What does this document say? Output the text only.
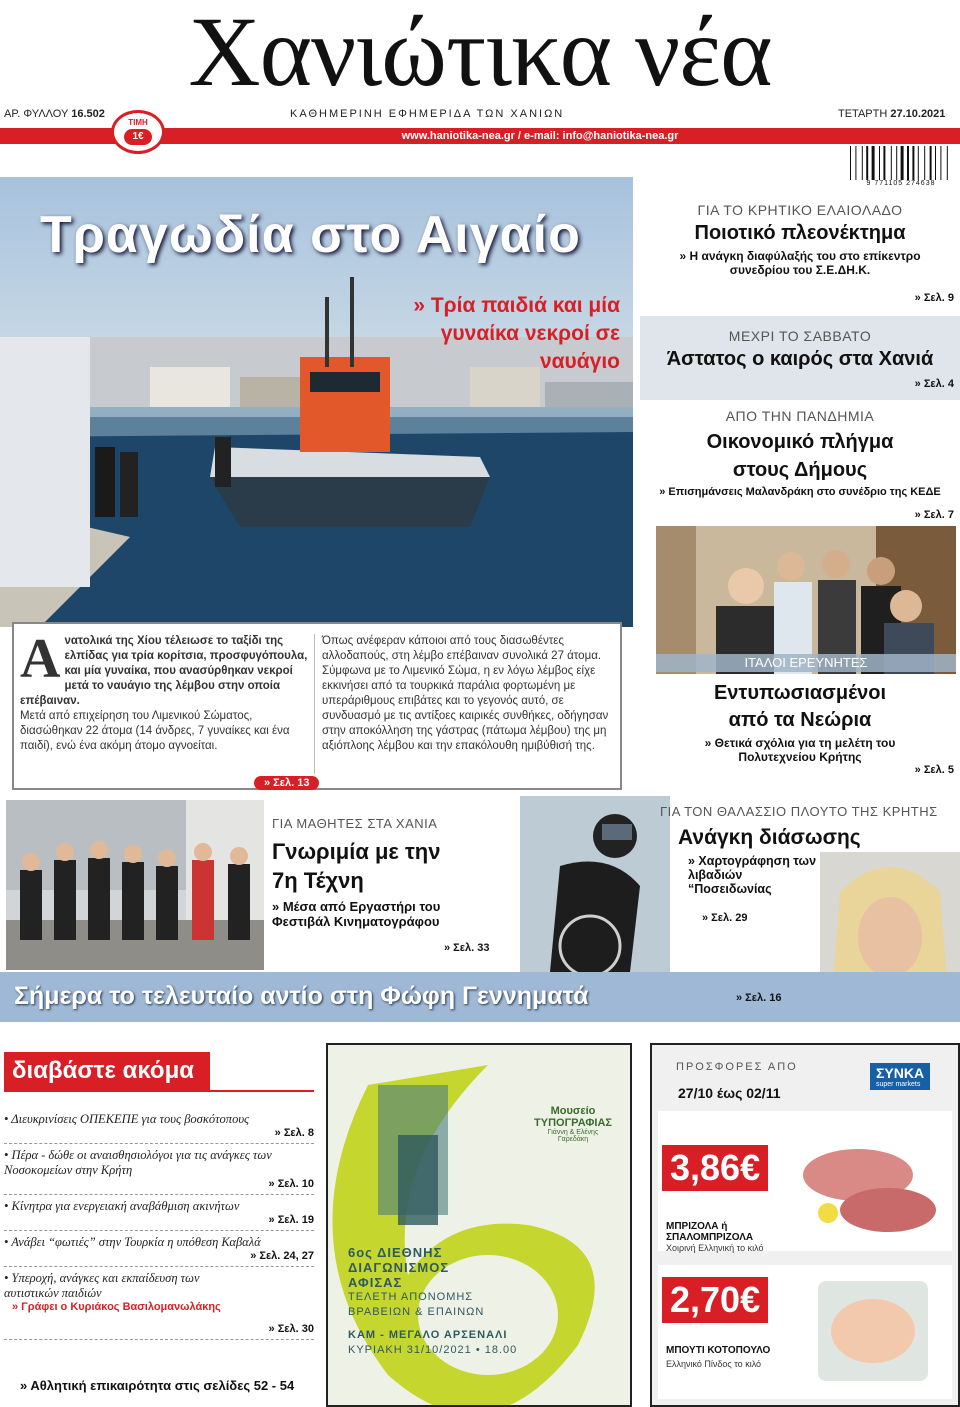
Χανιώτικα νέα
ΑΡ. ΦΥΛΛΟΥ 16.502	ΚΑΘΗΜΕΡΙΝΗ ΕΦΗΜΕΡΙΔΑ ΤΩΝ ΧΑΝΙΩΝ	ΤΕΤΑΡΤΗ 27.10.2021
www.haniotika-nea.gr / e-mail: info@haniotika-nea.gr
ΤΙΜΗ
1€
9 771105 274638
Τραγωδία στο Αιγαίο
» Τρία παιδιά και μία γυναίκα νεκροί σε ναυάγιο
Α νατολικά της Χίου τέλειωσε το ταξίδι της ελπίδας για τρία κορίτσια, προσφυγόπουλα, και μία γυναίκα, που ανασύρθηκαν νεκροί μετά το ναυάγιο της λέμβου στην οποία επέβαιναν.
Μετά από επιχείρηση του Λιμενικού Σώματος, διασώθηκαν 22 άτομα (14 άνδρες, 7 γυναίκες και ένα παιδί), ενώ ένα ακόμη άτομο αγνοείται.
Όπως ανέφεραν κάποιοι από τους διασωθέντες αλλοδαπούς, στη λέμβο επέβαιναν συνολικά 27 άτομα. Σύμφωνα με το Λιμενικό Σώμα, η εν λόγω λέμβος είχε εκκινήσει από τα τουρκικά παράλια φορτωμένη με υπεράριθμους επιβάτες και το γεγονός αυτό, σε συνδυασμό με τις αντίξοες καιρικές συνθήκες, οδήγησαν στην αποκόλληση της γάστρας (πάτωμα λέμβου) της μη αξιόπλοης λέμβου και την επακόλουθη ημιβύθισή της.
» Σελ. 13
ΓΙΑ ΤΟ ΚΡΗΤΙΚΟ ΕΛΑΙΟΛΑΔΟ
Ποιοτικό πλεονέκτημα
» Η ανάγκη διαφύλαξής του στο επίκεντρο συνεδρίου του Σ.Ε.ΔΗ.Κ.
» Σελ. 9
ΜΕΧΡΙ ΤΟ ΣΑΒΒΑΤΟ
Άστατος ο καιρός στα Χανιά
» Σελ. 4
ΑΠΟ ΤΗΝ ΠΑΝΔΗΜΙΑ
Οικονομικό πλήγμα στους Δήμους
» Επισημάνσεις Μαλανδράκη στο συνέδριο της ΚΕΔΕ
» Σελ. 7
ΙΤΑΛΟΙ ΕΡΕΥΝΗΤΕΣ
Εντυπωσιασμένοι από τα Νεώρια
» Θετικά σχόλια για τη μελέτη του Πολυτεχνείου Κρήτης
» Σελ. 5
ΓΙΑ ΜΑΘΗΤΕΣ ΣΤΑ ΧΑΝΙΑ
Γνωριμία με την 7η Τέχνη
» Μέσα από Εργαστήρι του Φεστιβάλ Κινηματογράφου
» Σελ. 33
ΓΙΑ ΤΟΝ ΘΑΛΑΣΣΙΟ ΠΛΟΥΤΟ ΤΗΣ ΚΡΗΤΗΣ
Ανάγκη διάσωσης
» Χαρτογράφηση των λιβαδιών “Ποσειδωνίας
» Σελ. 29
Σήμερα το τελευταίο αντίο στη Φώφη Γεννηματά	» Σελ. 16
διαβάστε ακόμα
• Διευκρινίσεις ΟΠΕΚΕΠΕ για τους βοσκότοπους
» Σελ. 8
• Πέρα - δώθε οι αναισθησιολόγοι για τις ανάγκες των Νοσοκομείων στην Κρήτη
» Σελ. 10
• Κίνητρα για ενεργειακή αναβάθμιση ακινήτων
» Σελ. 19
• Ανάβει “φωτιές” στην Τουρκία η υπόθεση Καβαλά
» Σελ. 24, 27
• Υπεροχή, ανάγκες και εκπαίδευση των αυτιστικών παιδιών
» Γράφει ο Κυριάκος Βασιλομανωλάκης
» Σελ. 30
» Αθλητική επικαιρότητα στις σελίδες 52 - 54
Μουσείο ΤΥΠΟΓΡΑΦΙΑΣ
Γιάννη & Ελένης Γαρεδάκη
6ος ΔΙΕΘΝΗΣ
ΔΙΑΓΩΝΙΣΜΟΣ
ΑΦΙΣΑΣ
ΤΕΛΕΤΗ ΑΠΟΝΟΜΗΣ
ΒΡΑΒΕΙΩΝ & ΕΠΑΙΝΩΝ
ΚΑΜ - ΜΕΓΑΛΟ ΑΡΣΕΝΑΛΙ
ΚΥΡΙΑΚΗ 31/10/2021 • 18.00
ΠΡΟΣΦΟΡΕΣ ΑΠΟ	ΣΥΝΚΑ
super markets
27/10 έως 02/11
3,86€
ΜΠΡΙΖΟΛΑ ή ΣΠΑΛΟΜΠΡΙΖΟΛΑ
Χοιρινή Ελληνική το κιλό
2,70€
ΜΠΟΥΤΙ ΚΟΤΟΠΟΥΛΟ
Ελληνικό Πίνδος το κιλό
